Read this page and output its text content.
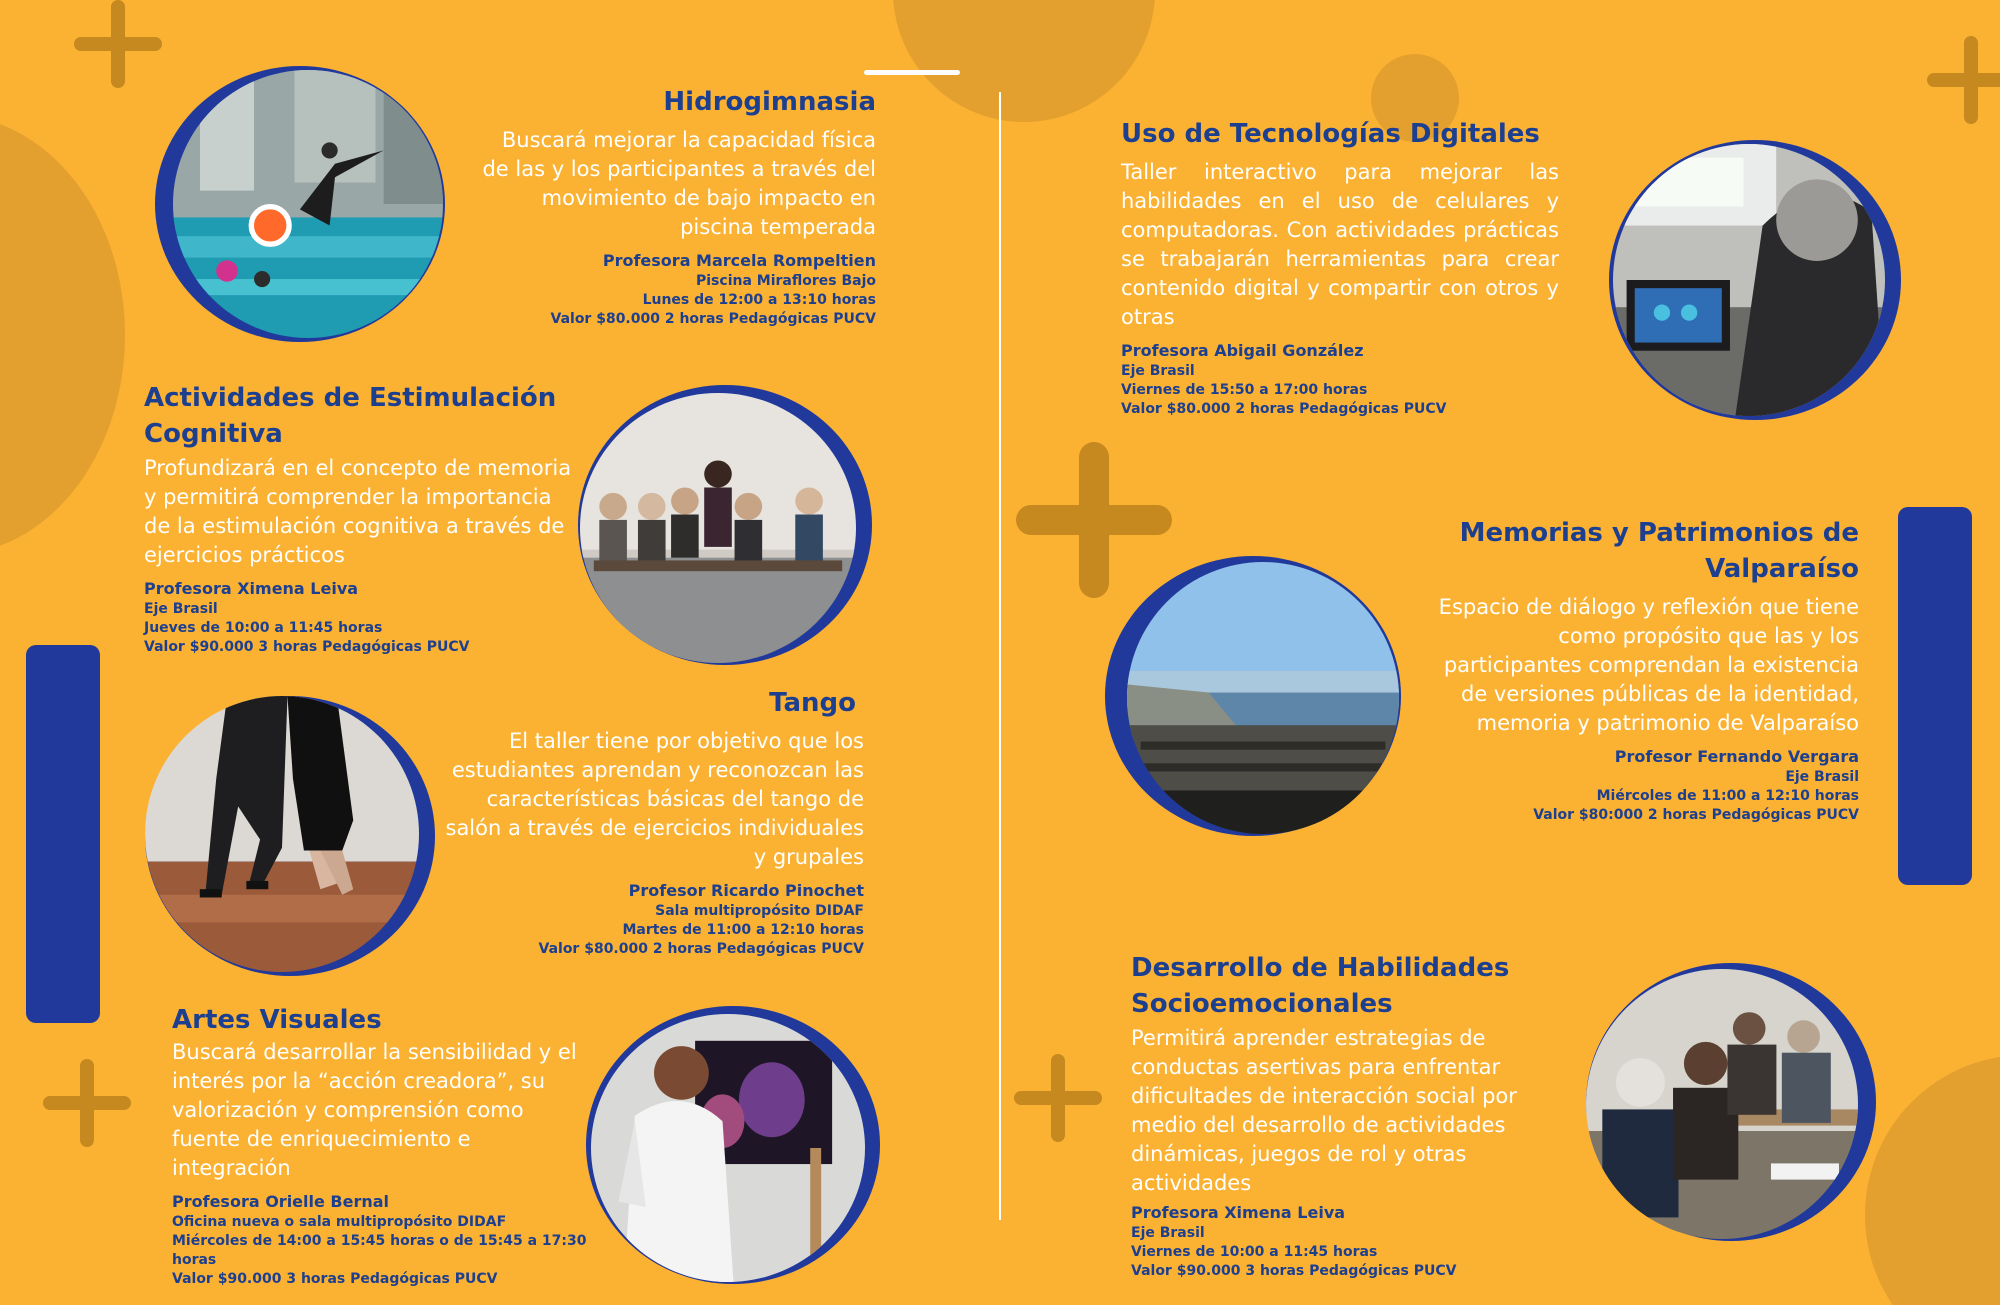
Hidrogimnasia

Buscará mejorar la capacidad física de las y los participantes a través del movimiento de bajo impacto en piscina temperada

Profesora Marcela Rompeltien
Piscina Miraflores Bajo
Lunes de 12:00 a 13:10 horas
Valor $80.000 2 horas Pedagógicas PUCV
Actividades de Estimulación Cognitiva

Profundizará en el concepto de memoria y permitirá comprender la importancia de la estimulación cognitiva a través de ejercicios prácticos

Profesora Ximena Leiva
Eje Brasil
Jueves de 10:00 a 11:45 horas
Valor $90.000 3 horas Pedagógicas PUCV
Tango

El taller tiene por objetivo que los estudiantes aprendan y reconozcan las características básicas del tango de salón a través de ejercicios individuales y grupales

Profesor Ricardo Pinochet
Sala multipropósito DIDAF
Martes de 11:00 a 12:10 horas
Valor $80.000 2 horas Pedagógicas PUCV
Artes Visuales

Buscará desarrollar la sensibilidad y el interés por la “acción creadora”, su valorización y comprensión como fuente de enriquecimiento e integración

Profesora Orielle Bernal
Oficina nueva o sala multipropósito DIDAF
Miércoles de 14:00 a 15:45 horas o de 15:45 a 17:30 horas
Valor $90.000 3 horas Pedagógicas PUCV
Uso de Tecnologías Digitales

Taller interactivo para mejorar las habilidades en el uso de celulares y computadoras. Con actividades prácticas se trabajarán herramientas para crear contenido digital y compartir con otros y otras

Profesora Abigail González
Eje Brasil
Viernes de 15:50 a 17:00 horas
Valor $80.000 2 horas Pedagógicas PUCV
Memorias y Patrimonios de Valparaíso

Espacio de diálogo y reflexión que tiene como propósito que las y los participantes comprendan la existencia de versiones públicas de la identidad, memoria y patrimonio de Valparaíso

Profesor Fernando Vergara
Eje Brasil
Miércoles de 11:00 a 12:10 horas
Valor $80:000 2 horas Pedagógicas PUCV
Desarrollo de Habilidades Socioemocionales

Permitirá aprender estrategias de conductas asertivas para enfrentar dificultades de interacción social por medio del desarrollo de actividades dinámicas, juegos de rol y otras actividades

Profesora Ximena Leiva
Eje Brasil
Viernes de 10:00 a 11:45 horas
Valor $90.000 3 horas Pedagógicas PUCV
